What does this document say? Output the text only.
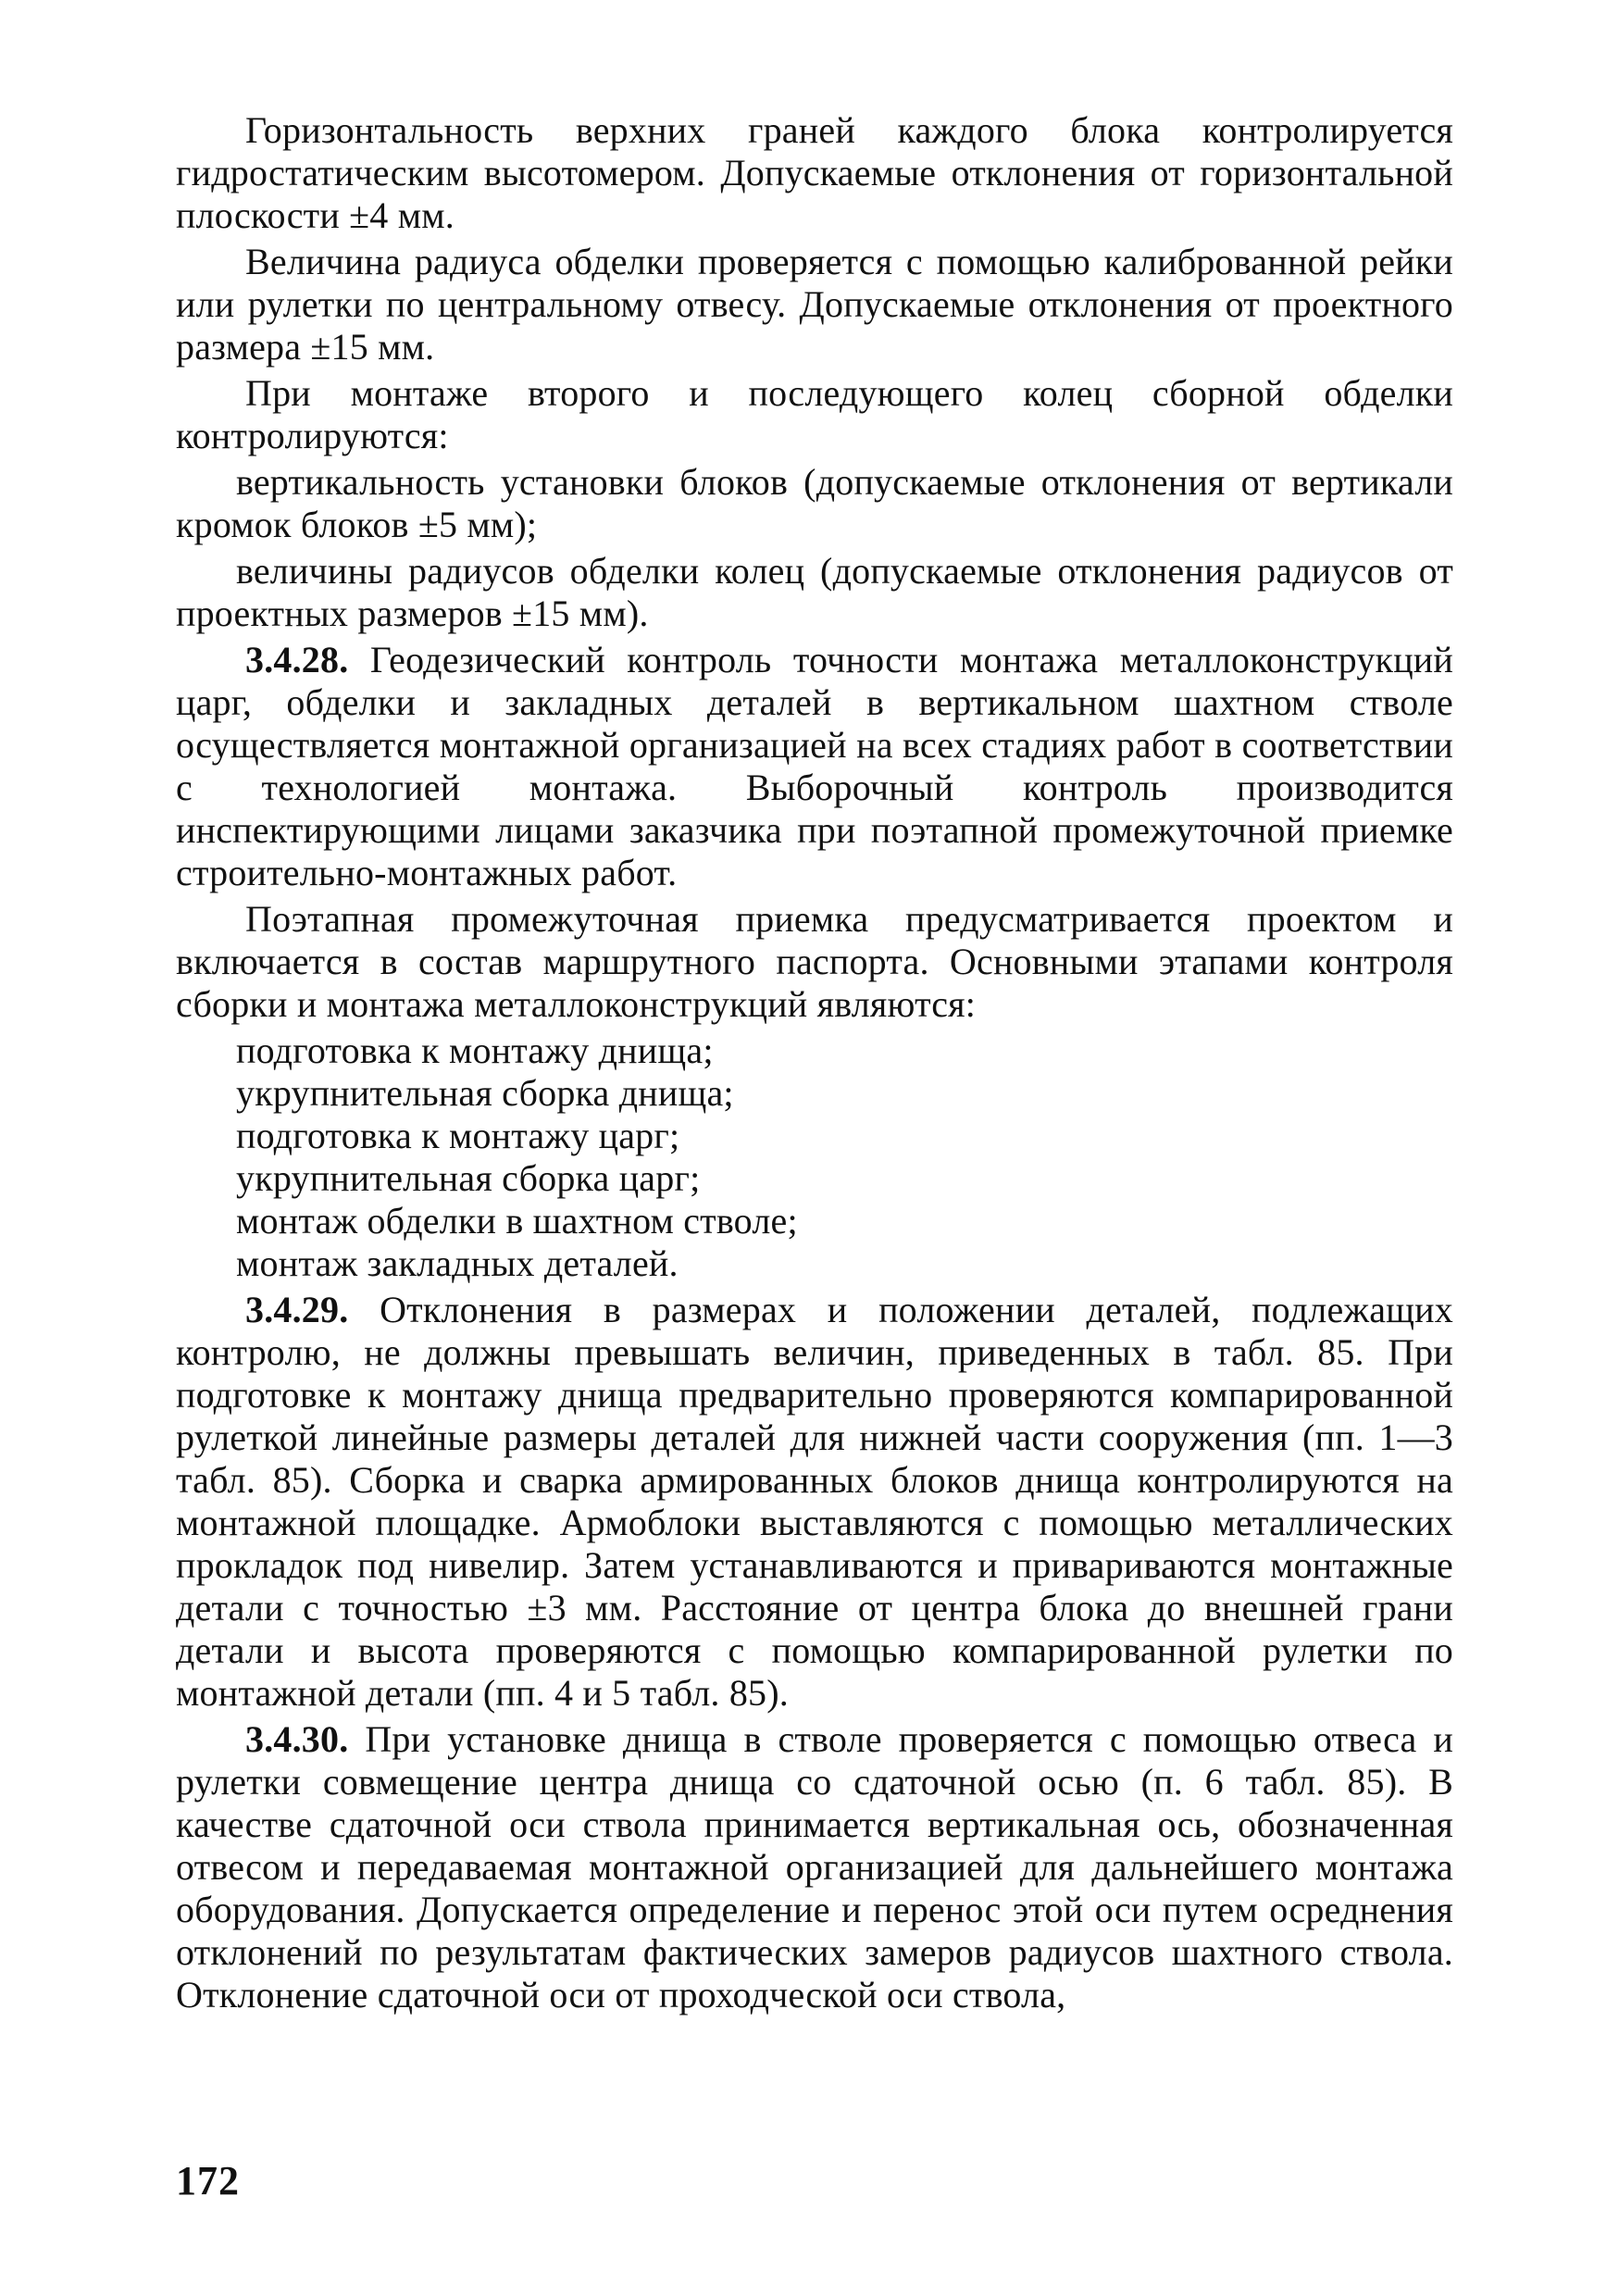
Горизонтальность верхних граней каждого блока контролируется гидростатическим высотомером. Допускаемые отклонения от горизонтальной плоскости ±4 мм.

Величина радиуса обделки проверяется с помощью калиброванной рейки или рулетки по центральному отвесу. Допускаемые отклонения от проектного размера ±15 мм.

При монтаже второго и последующего колец сборной обделки контролируются:

вертикальность установки блоков (допускаемые отклонения от вертикали кромок блоков ±5 мм);

величины радиусов обделки колец (допускаемые отклонения радиусов от проектных размеров ±15 мм).

3.4.28. Геодезический контроль точности монтажа металлоконструкций царг, обделки и закладных деталей в вертикальном шахтном стволе осуществляется монтажной организацией на всех стадиях работ в соответствии с технологией монтажа. Выборочный контроль производится инспектирующими лицами заказчика при поэтапной промежуточной приемке строительно-монтажных работ.

Поэтапная промежуточная приемка предусматривается проектом и включается в состав маршрутного паспорта. Основными этапами контроля сборки и монтажа металлоконструкций являются:

подготовка к монтажу днища;

укрупнительная сборка днища;

подготовка к монтажу царг;

укрупнительная сборка царг;

монтаж обделки в шахтном стволе;

монтаж закладных деталей.

3.4.29. Отклонения в размерах и положении деталей, подлежащих контролю, не должны превышать величин, приведенных в табл. 85. При подготовке к монтажу днища предварительно проверяются компарированной рулеткой линейные размеры деталей для нижней части сооружения (пп. 1—3 табл. 85). Сборка и сварка армированных блоков днища контролируются на монтажной площадке. Армоблоки выставляются с помощью металлических прокладок под нивелир. Затем устанавливаются и привариваются монтажные детали с точностью ±3 мм. Расстояние от центра блока до внешней грани детали и высота проверяются с помощью компарированной рулетки по монтажной детали (пп. 4 и 5 табл. 85).

3.4.30. При установке днища в стволе проверяется с помощью отвеса и рулетки совмещение центра днища со сдаточной осью (п. 6 табл. 85). В качестве сдаточной оси ствола принимается вертикальная ось, обозначенная отвесом и передаваемая монтажной организацией для дальнейшего монтажа оборудования. Допускается определение и перенос этой оси путем осреднения отклонений по результатам фактических замеров радиусов шахтного ствола. Отклонение сдаточной оси от проходческой оси ствола,

172
